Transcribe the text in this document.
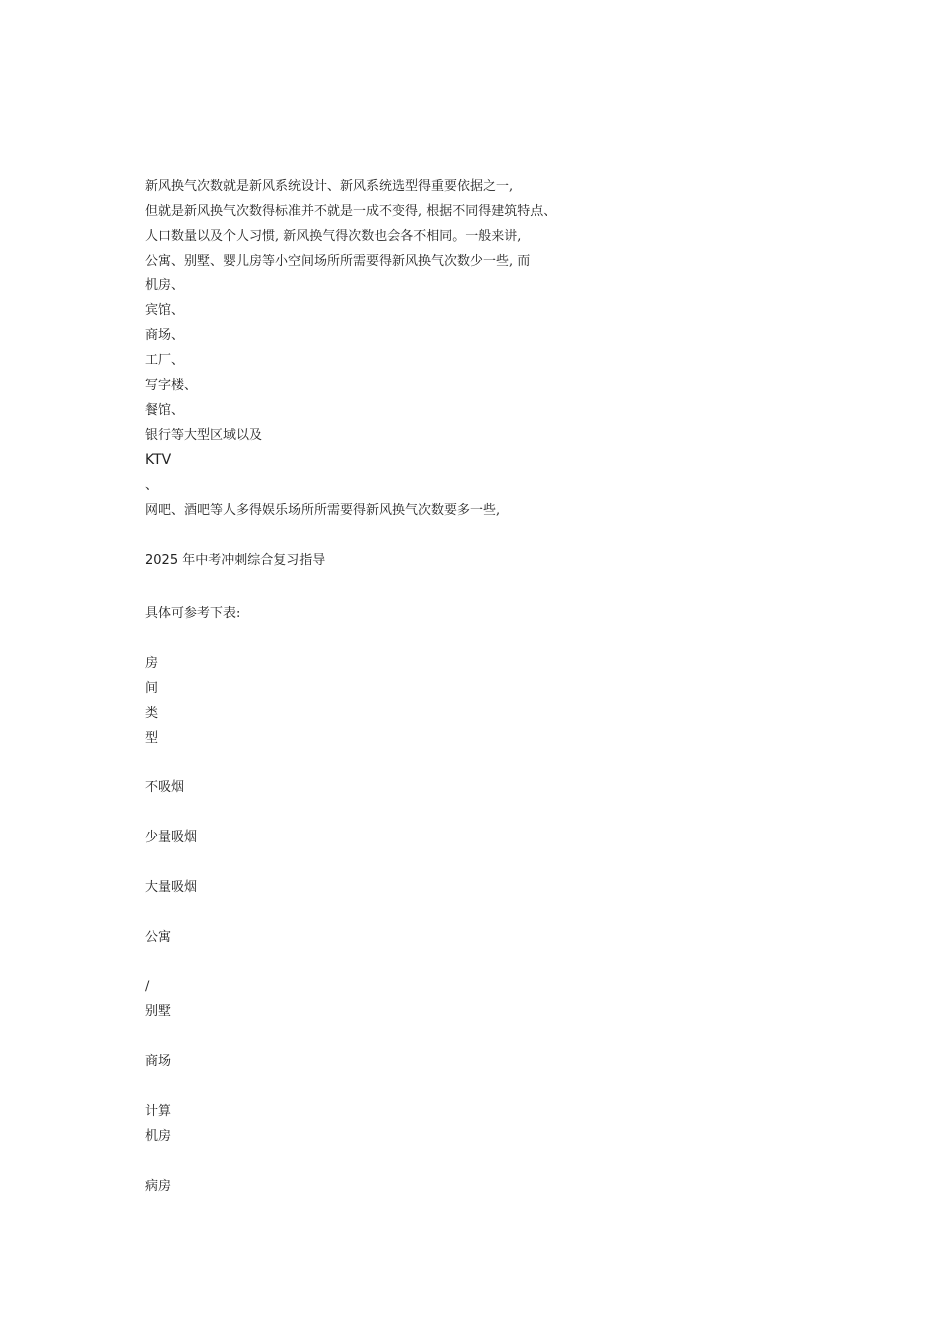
新风换气次数就是新风系统设计、新风系统选型得重要依据之一,
但就是新风换气次数得标准并不就是一成不变得, 根据不同得建筑特点、
人口数量以及个人习惯, 新风换气得次数也会各不相同。一般来讲,
公寓、别墅、婴儿房等小空间场所所需要得新风换气次数少一些, 而
机房、
宾馆、
商场、
工厂、
写字楼、
餐馆、
银行等大型区域以及
KTV
、
网吧、酒吧等人多得娱乐场所所需要得新风换气次数要多一些,
2025 年中考冲刺综合复习指导
具体可参考下表:
房
间
类
型
不吸烟
少量吸烟
大量吸烟
公寓
/
别墅
商场
计算
机房
病房
